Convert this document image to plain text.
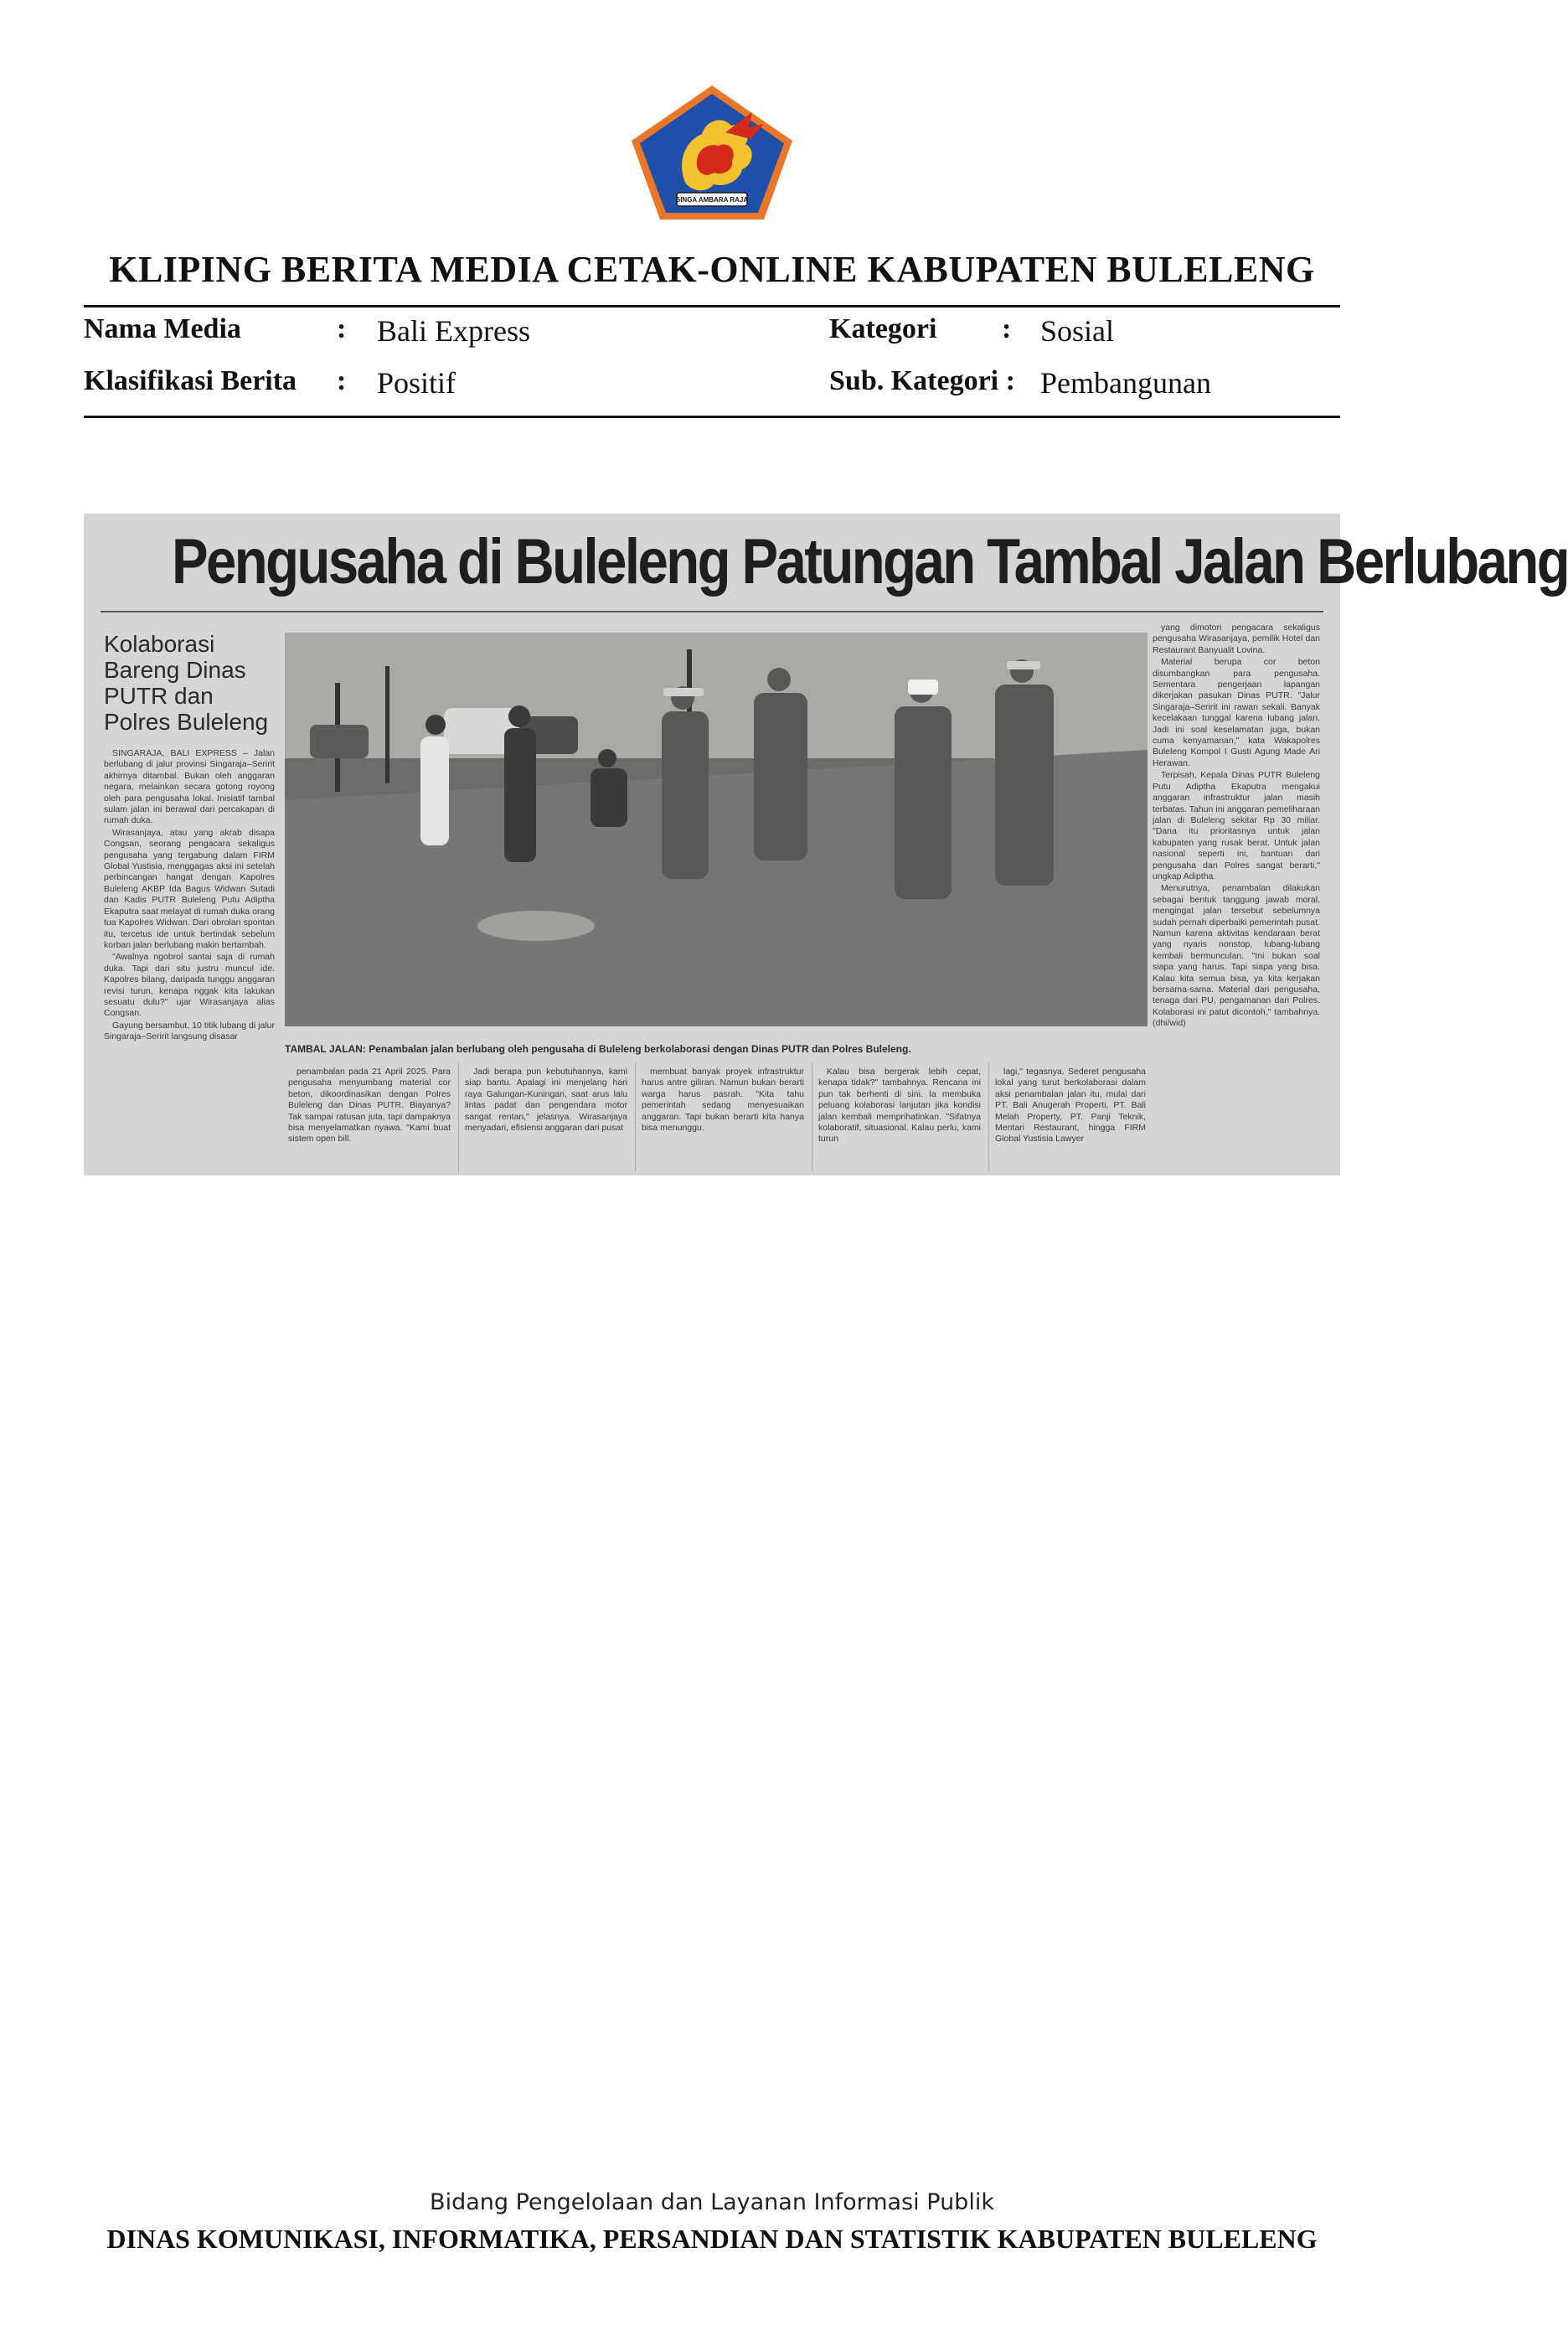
SINGA AMBARA RAJA
KLIPING BERITA MEDIA CETAK-ONLINE KABUPATEN BULELENG
Nama Media	: Bali Express	Kategori : Sosial
Klasifikasi Berita : Positif	Sub. Kategori : Pembangunan
Pengusaha di Buleleng Patungan Tambal Jalan Berlubang
Kolaborasi Bareng Dinas PUTR dan Polres Buleleng

SINGARAJA, BALI EXPRESS – Jalan berlubang di jalur provinsi Singaraja–Seririt akhirnya ditambal. Bukan oleh anggaran negara, melainkan secara gotong royong oleh para pengusaha lokal. Inisiatif tambal sulam jalan ini berawal dari percakapan di rumah duka.

Wirasanjaya, atau yang akrab disapa Congsan, seorang pengacara sekaligus pengusaha yang tergabung dalam FIRM Global Yustisia, menggagas aksi ini setelah perbincangan hangat dengan Kapolres Buleleng AKBP Ida Bagus Widwan Sutadi dan Kadis PUTR Buleleng Putu Adiptha Ekaputra saat melayat di rumah duka orang tua Kapolres Widwan. Dari obrolan spontan itu, tercetus ide untuk bertindak sebelum korban jalan berlubang makin bertambah.

"Awalnya ngobrol santai saja di rumah duka. Tapi dari situ justru muncul ide. Kapolres bilang, daripada tunggu anggaran revisi turun, kenapa nggak kita lakukan sesuatu dulu?" ujar Wirasanjaya alias Congsan.

Gayung bersambut, 10 titik lubang di jalur Singaraja–Seririt langsung disasar

TAMBAL JALAN: Penambalan jalan berlubang oleh pengusaha di Buleleng berkolaborasi dengan Dinas PUTR dan Polres Buleleng.

yang dimotori pengacara sekaligus pengusaha Wirasanjaya, pemilik Hotel dan Restaurant Banyualit Lovina.

Material berupa cor beton disumbangkan para pengusaha. Sementara pengerjaan lapangan dikerjakan pasukan Dinas PUTR. "Jalur Singaraja–Seririt ini rawan sekali. Banyak kecelakaan tunggal karena lubang jalan. Jadi ini soal keselamatan juga, bukan cuma kenyamanan," kata Wakapolres Buleleng Kompol I Gusti Agung Made Ari Herawan.

Terpisah, Kepala Dinas PUTR Buleleng Putu Adiptha Ekaputra mengakui anggaran infrastruktur jalan masih terbatas. Tahun ini anggaran pemeliharaan jalan di Buleleng sekitar Rp 30 miliar. "Dana itu prioritasnya untuk jalan kabupaten yang rusak berat. Untuk jalan nasional seperti ini, bantuan dari pengusaha dan Polres sangat berarti," ungkap Adiptha.

Menurutnya, penambalan dilakukan sebagai bentuk tanggung jawab moral, mengingat jalan tersebut sebelumnya sudah pernah diperbaiki pemerintah pusat. Namun karena aktivitas kendaraan berat yang nyaris nonstop, lubang-lubang kembali bermunculan. "Ini bukan soal siapa yang harus. Tapi siapa yang bisa. Kalau kita semua bisa, ya kita kerjakan bersama-sama. Material dari pengusaha, tenaga dari PU, pengamanan dari Polres. Kolaborasi ini patut dicontoh," tambahnya. (dhi/wid)

penambalan pada 21 April 2025. Para pengusaha menyumbang material cor beton, dikoordinasikan dengan Polres Buleleng dan Dinas PUTR. Biayanya? Tak sampai ratusan juta, tapi dampaknya bisa menyelamatkan nyawa. "Kami buat sistem open bill.

Jadi berapa pun kebutuhannya, kami siap bantu. Apalagi ini menjelang hari raya Galungan-Kuningan, saat arus lalu lintas padat dan pengendara motor sangat rentan," jelasnya. Wirasanjaya menyadari, efisiensi anggaran dari pusat

membuat banyak proyek infrastruktur harus antre giliran. Namun bukan berarti warga harus pasrah. "Kita tahu pemerintah sedang menyesuaikan anggaran. Tapi bukan berarti kita hanya bisa menunggu.

Kalau bisa bergerak lebih cepat, kenapa tidak?" tambahnya. Rencana ini pun tak berhenti di sini. Ia membuka peluang kolaborasi lanjutan jika kondisi jalan kembali memprihatinkan. "Sifatnya kolaboratif, situasional. Kalau perlu, kami turun

lagi," tegasnya. Sederet pengusaha lokal yang turut berkolaborasi dalam aksi penambalan jalan itu, mulai dari PT. Bali Anugerah Properti, PT. Bali Melah Property, PT. Panji Teknik, Mentari Restaurant, hingga FIRM Global Yustisia Lawyer

Bidang Pengelolaan dan Layanan Informasi Publik
DINAS KOMUNIKASI, INFORMATIKA, PERSANDIAN DAN STATISTIK KABUPATEN BULELENG
